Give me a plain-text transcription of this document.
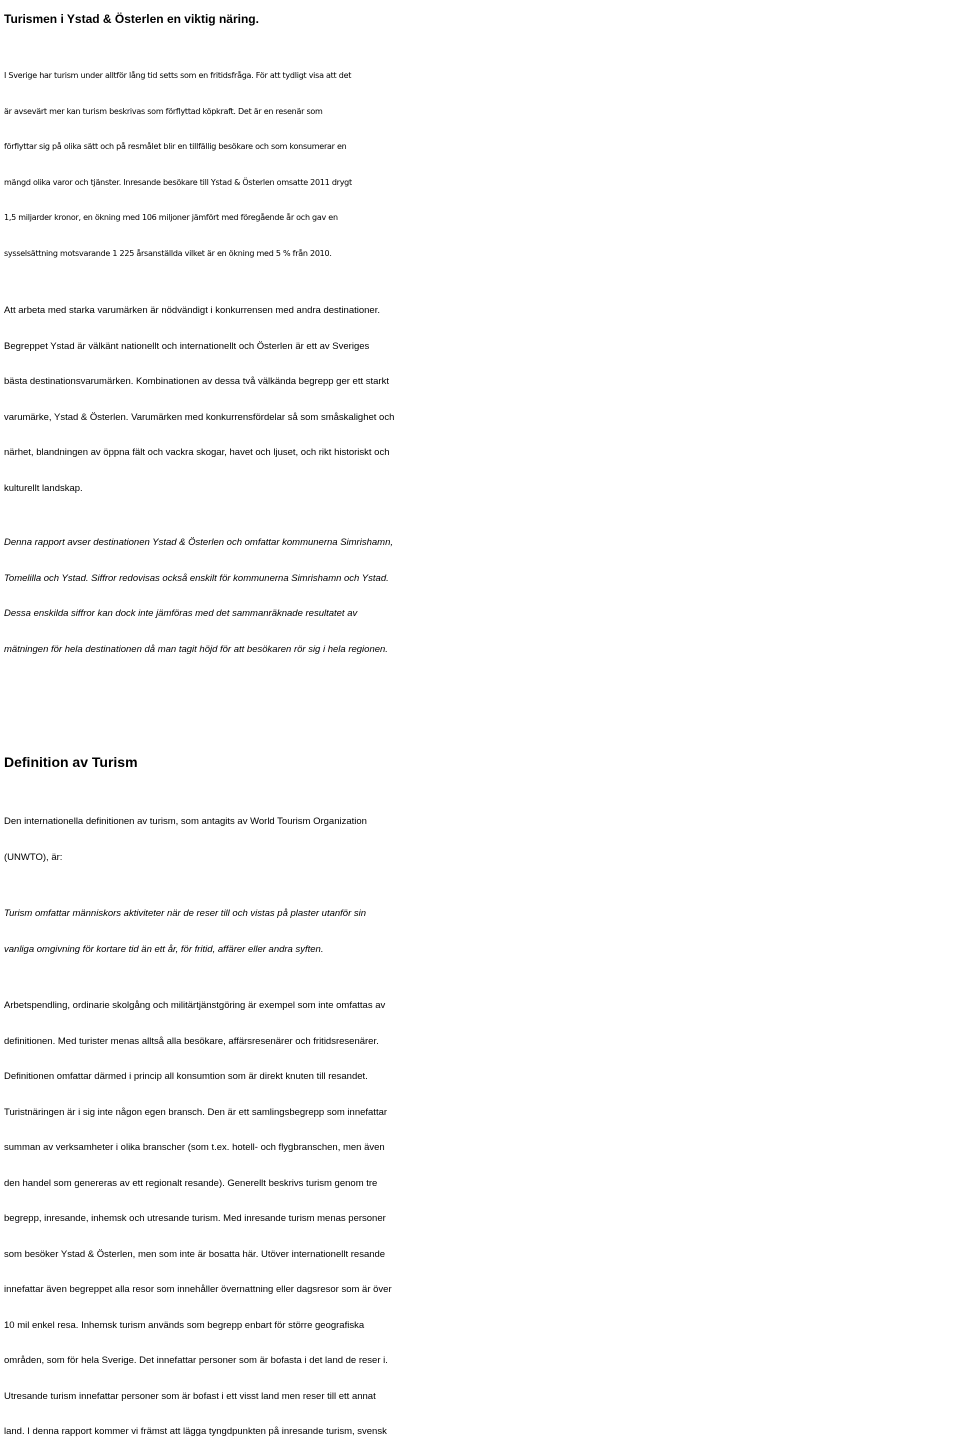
Turismen i Ystad & Österlen en viktig näring.
I Sverige har turism under alltför lång tid setts som en fritidsfråga. För att tydligt visa att det
är avsevärt mer kan turism beskrivas som förflyttad köpkraft. Det är en resenär som
förflyttar sig på olika sätt och på resmålet blir en tillfällig besökare och som konsumerar en
mängd olika varor och tjänster. Inresande besökare till Ystad & Österlen omsatte 2011 drygt
1,5 miljarder kronor, en ökning med 106 miljoner jämfört med föregående år och gav en
sysselsättning motsvarande 1 225 årsanställda vilket är en ökning med 5 % från 2010.
Att arbeta med starka varumärken är nödvändigt i konkurrensen med andra destinationer.
Begreppet Ystad är välkänt nationellt och internationellt och Österlen är ett av Sveriges
bästa destinationsvarumärken. Kombinationen av dessa två välkända begrepp ger ett starkt
varumärke, Ystad & Österlen. Varumärken med konkurrensfördelar så som småskalighet och
närhet, blandningen av öppna fält och vackra skogar, havet och ljuset, och rikt historiskt och
kulturellt landskap.
Denna rapport avser destinationen Ystad & Österlen och omfattar kommunerna Simrishamn,
Tomelilla och Ystad. Siffror redovisas också enskilt för kommunerna Simrishamn och Ystad.
Dessa enskilda siffror kan dock inte jämföras med det sammanräknade resultatet av
mätningen för hela destinationen då man tagit höjd för att besökaren rör sig i hela regionen.
Definition av Turism
Den internationella definitionen av turism, som antagits av World Tourism Organization
(UNWTO), är:
Turism omfattar människors aktiviteter när de reser till och vistas på plaster utanför sin
vanliga omgivning för kortare tid än ett år, för fritid, affärer eller andra syften.
Arbetspendling, ordinarie skolgång och militärtjänstgöring är exempel som inte omfattas av
definitionen. Med turister menas alltså alla besökare, affärsresenärer och fritidsresenärer.
Definitionen omfattar därmed i princip all konsumtion som är direkt knuten till resandet.
Turistnäringen är i sig inte någon egen bransch. Den är ett samlingsbegrepp som innefattar
summan av verksamheter i olika branscher (som t.ex. hotell- och flygbranschen, men även
den handel som genereras av ett regionalt resande). Generellt beskrivs turism genom tre
begrepp, inresande, inhemsk och utresande turism. Med inresande turism menas personer
som besöker Ystad & Österlen, men som inte är bosatta här. Utöver internationellt resande
innefattar även begreppet alla resor som innehåller övernattning eller dagsresor som är över
10 mil enkel resa. Inhemsk turism används som begrepp enbart för större geografiska
områden, som för hela Sverige. Det innefattar personer som är bofasta i det land de reser i.
Utresande turism innefattar personer som är bofast i ett visst land men reser till ett annat
land. I denna rapport kommer vi främst att lägga tyngdpunkten på inresande turism, svensk
